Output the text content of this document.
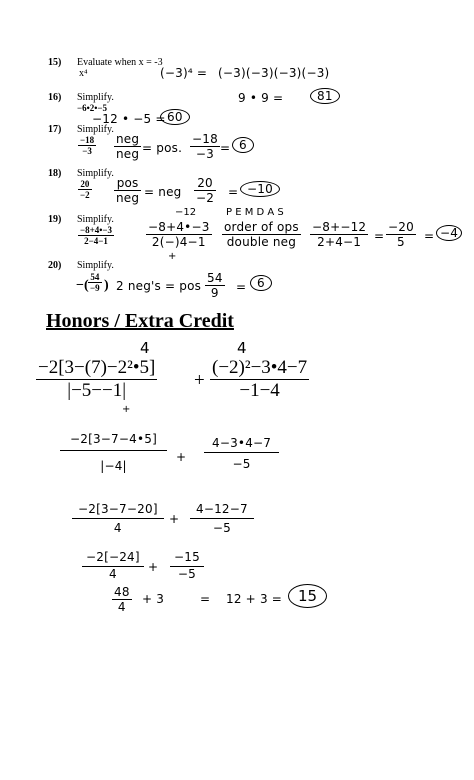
15) Evaluate when x = -3
x⁴	(−3)⁴ = (−3)(−3)(−3)(−3)
9 • 9 =	81
16) Simplify.
−6•2•−5
−12 • −5 = 60
17) Simplify.
$\frac{-18}{-3}$ neg
neg = pos. $\frac{-18}{-3} = 6$
18) Simplify.
$\frac{20}{-2}$ pos
neg = neg $\frac{20}{-2} = -10$
19) Simplify.
$\frac{-8+4•-3}{2-4-1}$
−12
$\frac{-8+4•-3}{2(-)4-1}$
+
P E M D A S
order of ops
double neg	$\frac{-8+-12}{2+4-1} = \frac{-20}{5} = -4$
20) Simplify.
−( $\frac{54}{-9}$ ) 2 neg's = pos $\frac{54}{9} = 6$
Honors / Extra Credit
4	4
$\frac{\text{−2[3−(7)−2²•5]}}{|-5--1|} + \frac{\text{(−2)²−3•4−7}}{-1-4}$
+
$\frac{-2[3-7-4•5]}{|-4|} + \frac{4-3•4-7}{-5}$
$\frac{-2[3-7-20]}{4} + \frac{4-12-7}{-5}$
$\frac{-2[-24]}{4} + \frac{-15}{-5}$
$\frac{48}{4} + 3$	= 12 + 3 =	15
